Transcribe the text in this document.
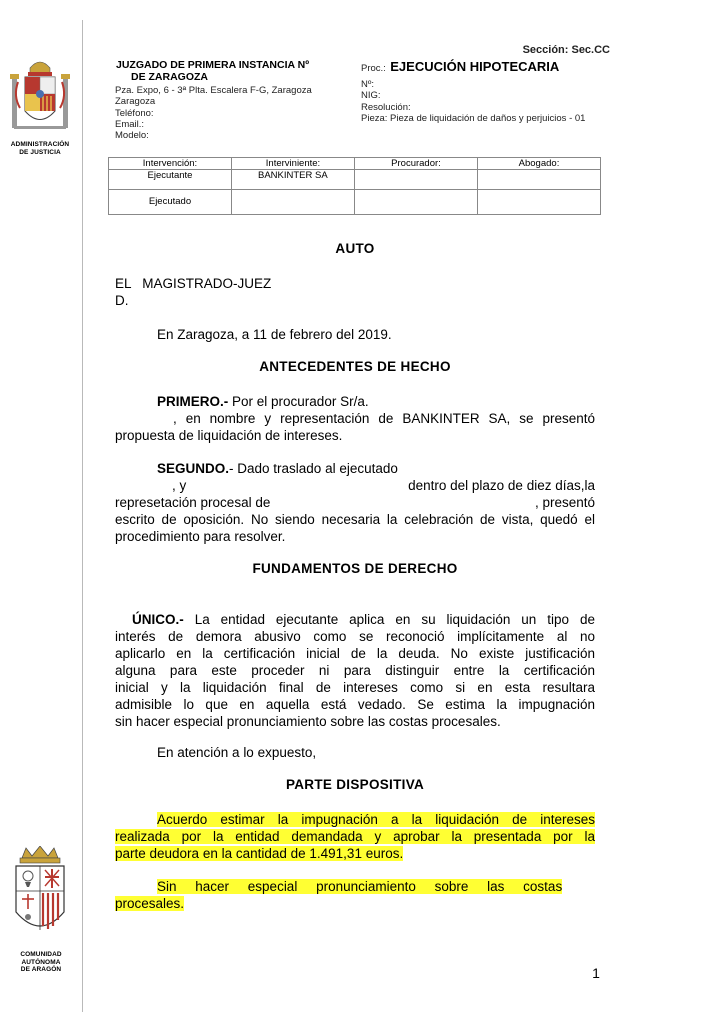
ADMINISTRACIÓN
DE JUSTICIA
JUZGADO DE PRIMERA INSTANCIA Nº
DE ZARAGOZA
Pza. Expo, 6 - 3ª Plta. Escalera F-G, Zaragoza
Zaragoza
Teléfono:
Email.:
Modelo:
Sección: Sec.CC
Proc.: EJECUCIÓN HIPOTECARIA
Nº:
NIG:
Resolución:
Pieza: Pieza de liquidación de daños y perjuicios - 01
Intervención:	Interviniente:	Procurador:	Abogado:
Ejecutante	BANKINTER SA		
Ejecutado			
AUTO
EL   MAGISTRADO-JUEZ
D.
En Zaragoza, a 11 de febrero del 2019.
ANTECEDENTES DE HECHO
PRIMERO.- Por el procurador Sr/a.
, en nombre y representación de BANKINTER SA, se presentó
propuesta de liquidación de intereses.
SEGUNDO.- Dado traslado al ejecutado
, y	dentro del plazo de diez días,la
represetación procesal de	, presentó
escrito de oposición. No siendo necesaria la celebración de vista, quedó el
procedimiento para resolver.
FUNDAMENTOS DE DERECHO
ÚNICO.- La entidad ejecutante aplica en su liquidación un tipo de
interés de demora abusivo como se reconoció implícitamente al no
aplicarlo en la certificación inicial de la deuda. No existe justificación
alguna para este proceder ni para distinguir entre la certificación
inicial y la liquidación final de intereses como si en esta resultara
admisible lo que en aquella está vedado. Se estima la impugnación
sin hacer especial pronunciamiento sobre las costas procesales.
En atención a lo expuesto,
PARTE DISPOSITIVA
Acuerdo estimar la impugnación a la liquidación de intereses
realizada por la entidad demandada y aprobar la presentada por la
parte deudora en la cantidad de 1.491,31 euros.
Sin     hacer     especial     pronunciamiento     sobre     las     costas
procesales.
COMUNIDAD AUTÓNOMA
DE ARAGÓN	1
